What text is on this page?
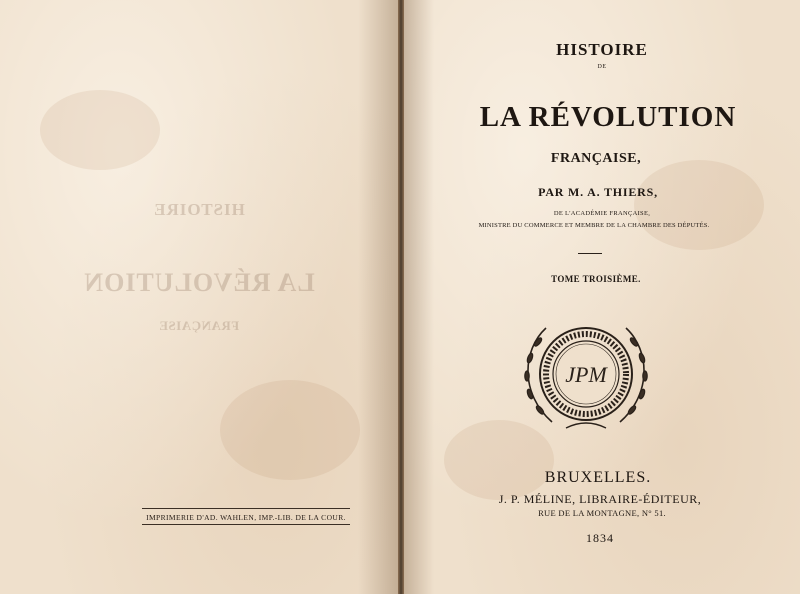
HISTOIRE
LA RÉVOLUTION
FRANÇAISE
IMPRIMERIE D'AD. WAHLEN, IMP.-LIB. DE LA COUR.
HISTOIRE
DE
LA RÉVOLUTION
FRANÇAISE,
PAR M. A. THIERS,
DE L'ACADÉMIE FRANÇAISE,
MINISTRE DU COMMERCE ET MEMBRE DE LA CHAMBRE DES DÉPUTÉS.
TOME TROISIÈME.
JPM
BRUXELLES.
J. P. MÉLINE, LIBRAIRE-ÉDITEUR,
RUE DE LA MONTAGNE, N° 51.
1834
